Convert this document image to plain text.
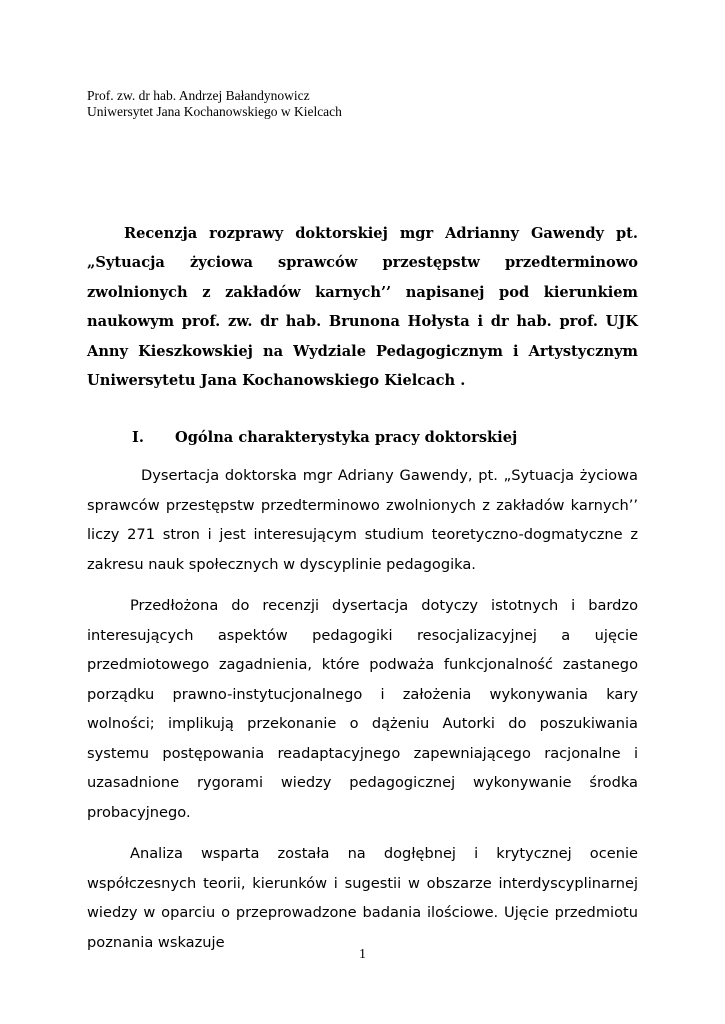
Prof. zw. dr hab. Andrzej Bałandynowicz
Uniwersytet Jana Kochanowskiego w Kielcach
Recenzja rozprawy doktorskiej mgr Adrianny Gawendy pt. „Sytuacja życiowa sprawców przestępstw przedterminowo zwolnionych z zakładów karnych’’ napisanej pod kierunkiem naukowym prof. zw. dr hab. Brunona Hołysta i dr hab. prof. UJK Anny Kieszkowskiej na Wydziale Pedagogicznym i Artystycznym Uniwersytetu Jana Kochanowskiego Kielcach .
I. Ogólna charakterystyka pracy doktorskiej

Dysertacja doktorska mgr Adriany Gawendy, pt. „Sytuacja życiowa sprawców przestępstw przedterminowo zwolnionych z zakładów karnych’’ liczy 271 stron i jest interesującym studium teoretyczno-dogmatyczne z zakresu nauk społecznych w dyscyplinie pedagogika.

Przedłożona do recenzji dysertacja dotyczy istotnych i bardzo interesujących aspektów pedagogiki resocjalizacyjnej a ujęcie przedmiotowego zagadnienia, które podważa funkcjonalność zastanego porządku prawno-instytucjonalnego i założenia wykonywania kary wolności; implikują przekonanie o dążeniu Autorki do poszukiwania systemu postępowania readaptacyjnego zapewniającego racjonalne i uzasadnione rygorami wiedzy pedagogicznej wykonywanie środka probacyjnego.

Analiza wsparta została na dogłębnej i krytycznej ocenie współczesnych teorii, kierunków i sugestii w obszarze interdyscyplinarnej wiedzy w oparciu o przeprowadzone badania ilościowe. Ujęcie przedmiotu poznania wskazuje

1
